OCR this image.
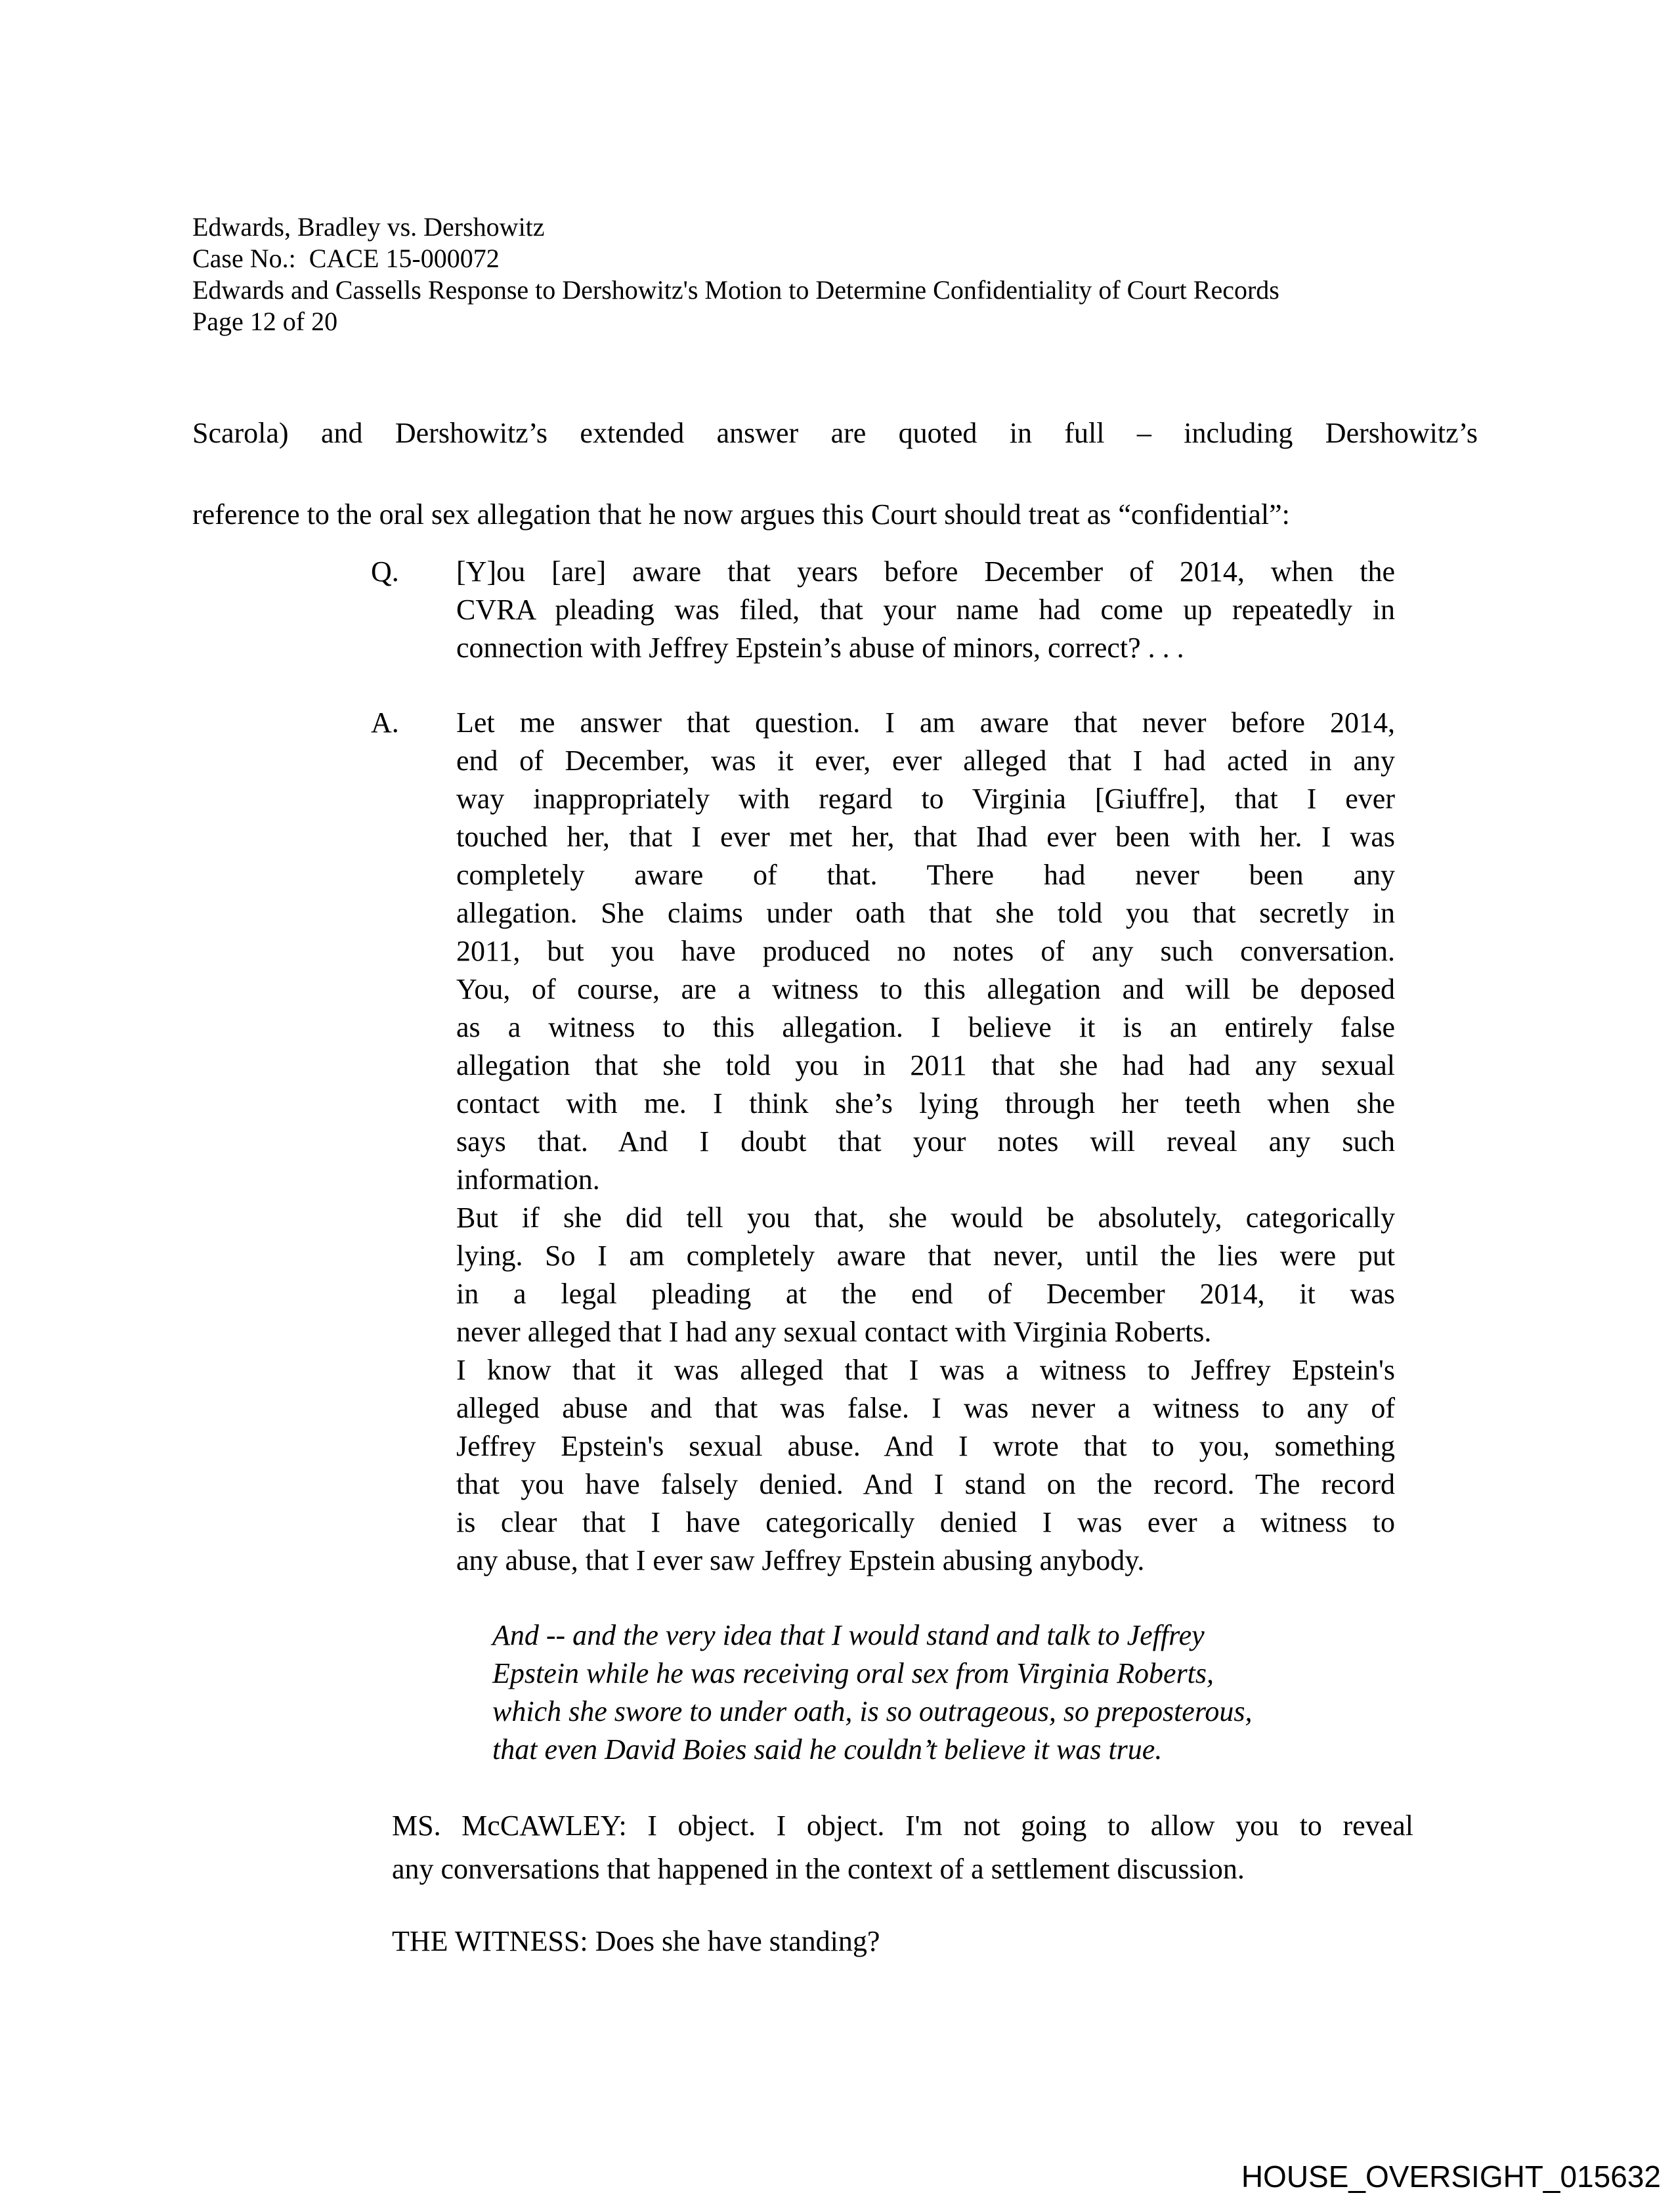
Edwards, Bradley vs. Dershowitz
Case No.:  CACE 15-000072
Edwards and Cassells Response to Dershowitz's Motion to Determine Confidentiality of Court Records
Page 12 of 20
Scarola) and Dershowitz’s extended answer are quoted in full – including Dershowitz’s
reference to the oral sex allegation that he now argues this Court should treat as “confidential”:
Q. [Y]ou [are] aware that years before December of 2014, when the
CVRA pleading was filed, that your name had come up repeatedly in
connection with Jeffrey Epstein’s abuse of minors, correct? . . .
A. Let me answer that question. I am aware that never before 2014,
end of December, was it ever, ever alleged that I had acted in any
way inappropriately with regard to Virginia [Giuffre], that I ever
touched her, that I ever met her, that Ihad ever been with her. I was
completely aware of that. There had never been any
allegation. She claims under oath that she told you that secretly in
2011, but you have produced no notes of any such conversation.
You, of course, are a witness to this allegation and will be deposed
as a witness to this allegation. I believe it is an entirely false
allegation that she told you in 2011 that she had had any sexual
contact with me. I think she’s lying through her teeth when she
says that. And I doubt that your notes will reveal any such
information.
But if she did tell you that, she would be absolutely, categorically
lying. So I am completely aware that never, until the lies were put
in a legal pleading at the end of December 2014, it was
never alleged that I had any sexual contact with Virginia Roberts.
I know that it was alleged that I was a witness to Jeffrey Epstein's
alleged abuse and that was false. I was never a witness to any of
Jeffrey Epstein's sexual abuse. And I wrote that to you, something
that you have falsely denied. And I stand on the record. The record
is clear that I have categorically denied I was ever a witness to
any abuse, that I ever saw Jeffrey Epstein abusing anybody.
And -- and the very idea that I would stand and talk to Jeffrey
Epstein while he was receiving oral sex from Virginia Roberts,
which she swore to under oath, is so outrageous, so preposterous,
that even David Boies said he couldn’t believe it was true.
MS. McCAWLEY: I object. I object. I'm not going to allow you to reveal
any conversations that happened in the context of a settlement discussion.
THE WITNESS: Does she have standing?
HOUSE_OVERSIGHT_015632
